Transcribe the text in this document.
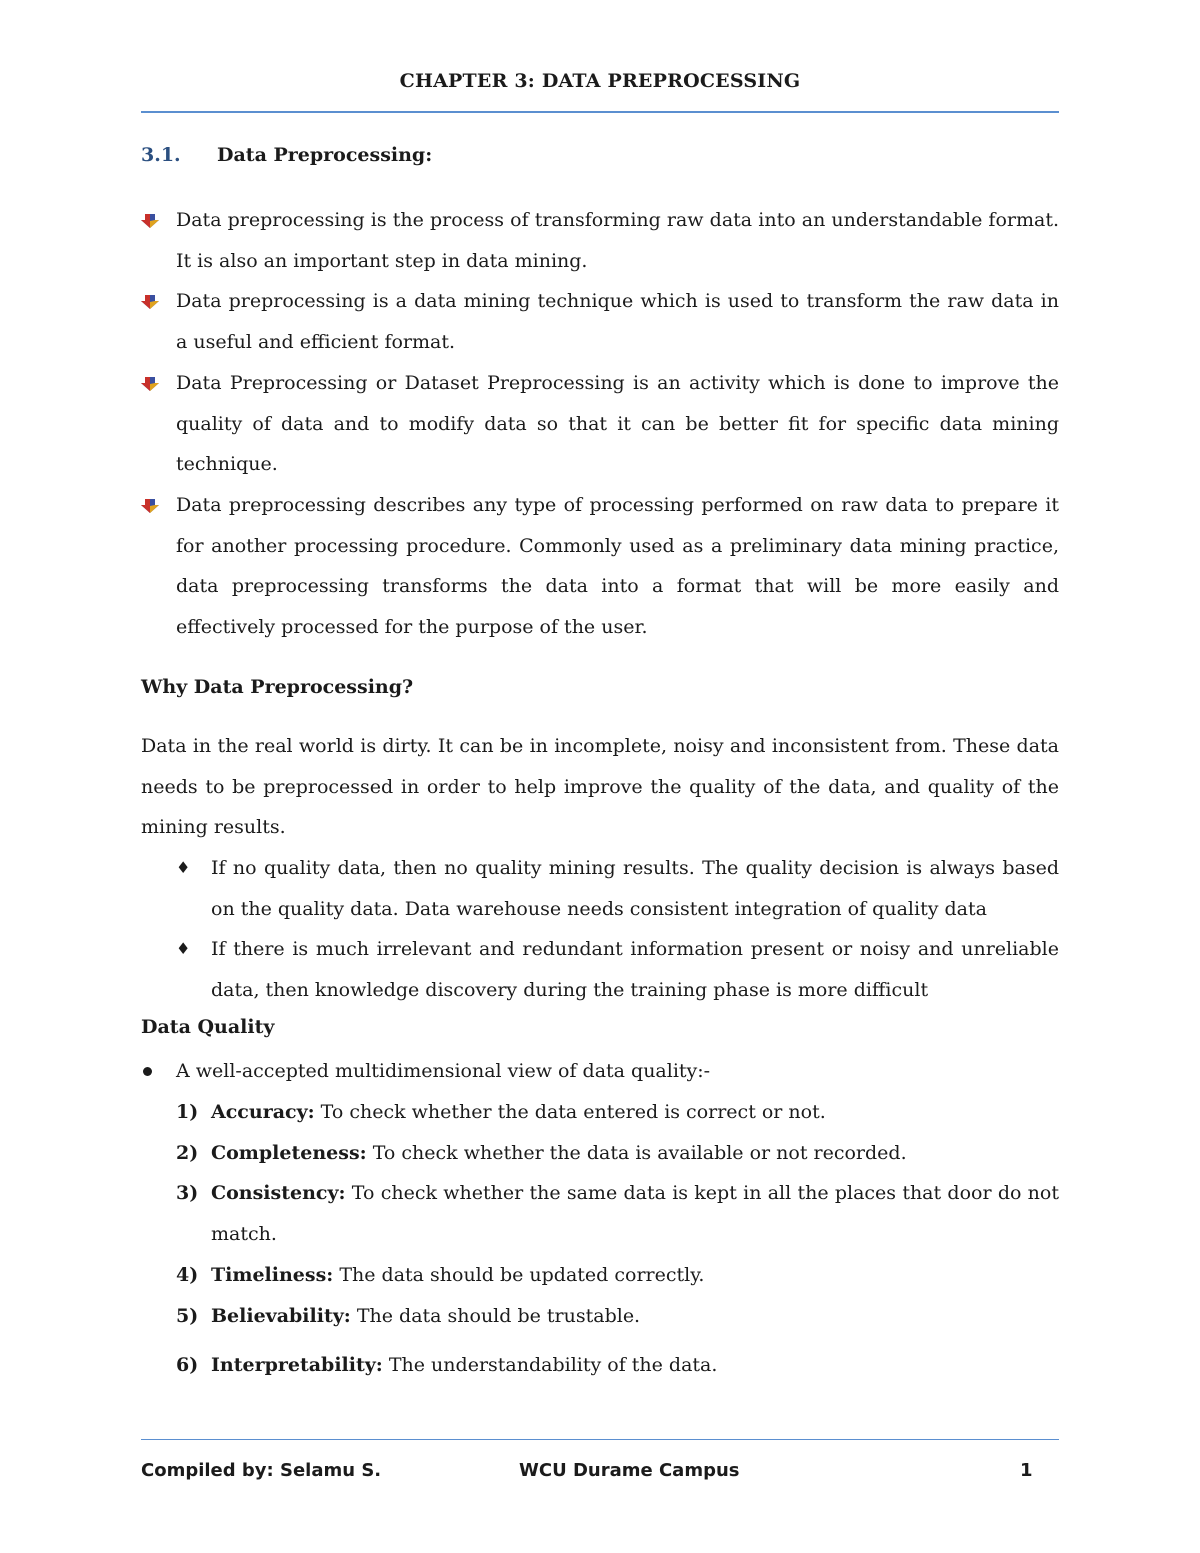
CHAPTER 3: DATA PREPROCESSING
3.1. Data Preprocessing:
Data preprocessing is the process of transforming raw data into an understandable format. It is also an important step in data mining.
Data preprocessing is a data mining technique which is used to transform the raw data in a useful and efficient format.
Data Preprocessing or Dataset Preprocessing is an activity which is done to improve the quality of data and to modify data so that it can be better fit for specific data mining technique.
Data preprocessing describes any type of processing performed on raw data to prepare it for another processing procedure. Commonly used as a preliminary data mining practice, data preprocessing transforms the data into a format that will be more easily and effectively processed for the purpose of the user.
Why Data Preprocessing?
Data in the real world is dirty. It can be in incomplete, noisy and inconsistent from. These data needs to be preprocessed in order to help improve the quality of the data, and quality of the mining results.
♦ If no quality data, then no quality mining results. The quality decision is always based on the quality data. Data warehouse needs consistent integration of quality data
♦ If there is much irrelevant and redundant information present or noisy and unreliable data, then knowledge discovery during the training phase is more difficult
Data Quality
A well-accepted multidimensional view of data quality:-
1) Accuracy: To check whether the data entered is correct or not.
2) Completeness: To check whether the data is available or not recorded.
3) Consistency: To check whether the same data is kept in all the places that door do not match.
4) Timeliness: The data should be updated correctly.
5) Believability: The data should be trustable.
6) Interpretability: The understandability of the data.
Compiled by: Selamu S.	WCU Durame Campus	1
